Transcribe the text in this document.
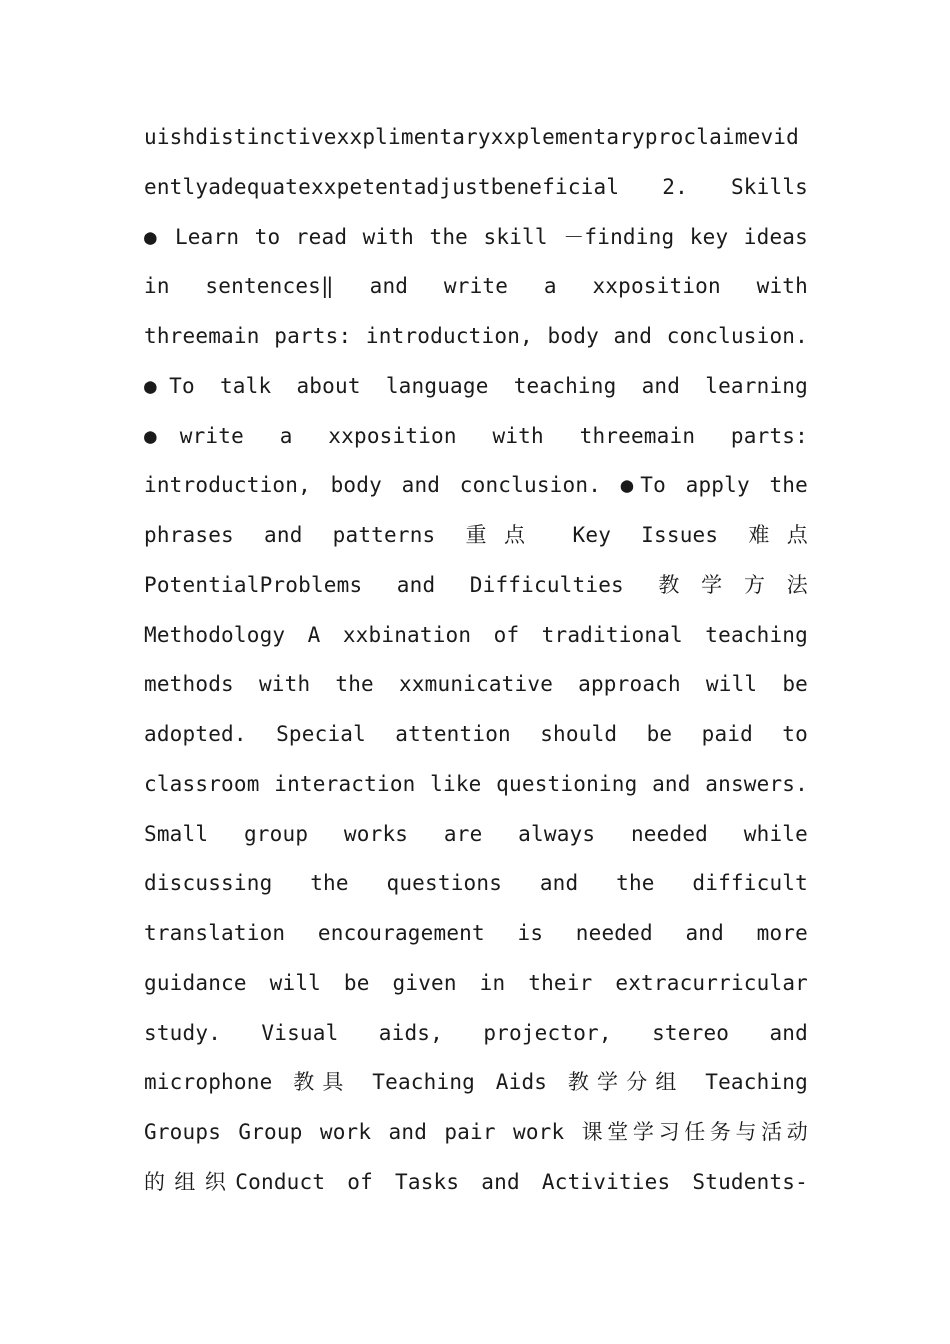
uishdistinctivexxplimentaryxxplementaryproclaimevid
entlyadequatexxpetentadjustbeneficial 2. Skills
● Learn to read with the skill －finding key ideas
in sentences‖ and write a xxposition with
threemain parts: introduction, body and conclusion.
●To talk about language teaching and learning
●write a xxposition with threemain parts:
introduction, body and conclusion. ●To apply the
phrases and patterns 重点 Key Issues 难点
PotentialProblems and Difficulties 教学方法
Methodology A xxbination of traditional teaching
methods with the xxmunicative approach will be
adopted. Special attention should be paid to
classroom interaction like questioning and answers.
Small group works are always needed while
discussing the questions and the difficult
translation encouragement is needed and more
guidance will be given in their extracurricular
study. Visual aids, projector, stereo and
microphone 教具 Teaching Aids 教学分组 Teaching
Groups Group work and pair work 课堂学习任务与活动
的组织Conduct of Tasks and Activities Students-
